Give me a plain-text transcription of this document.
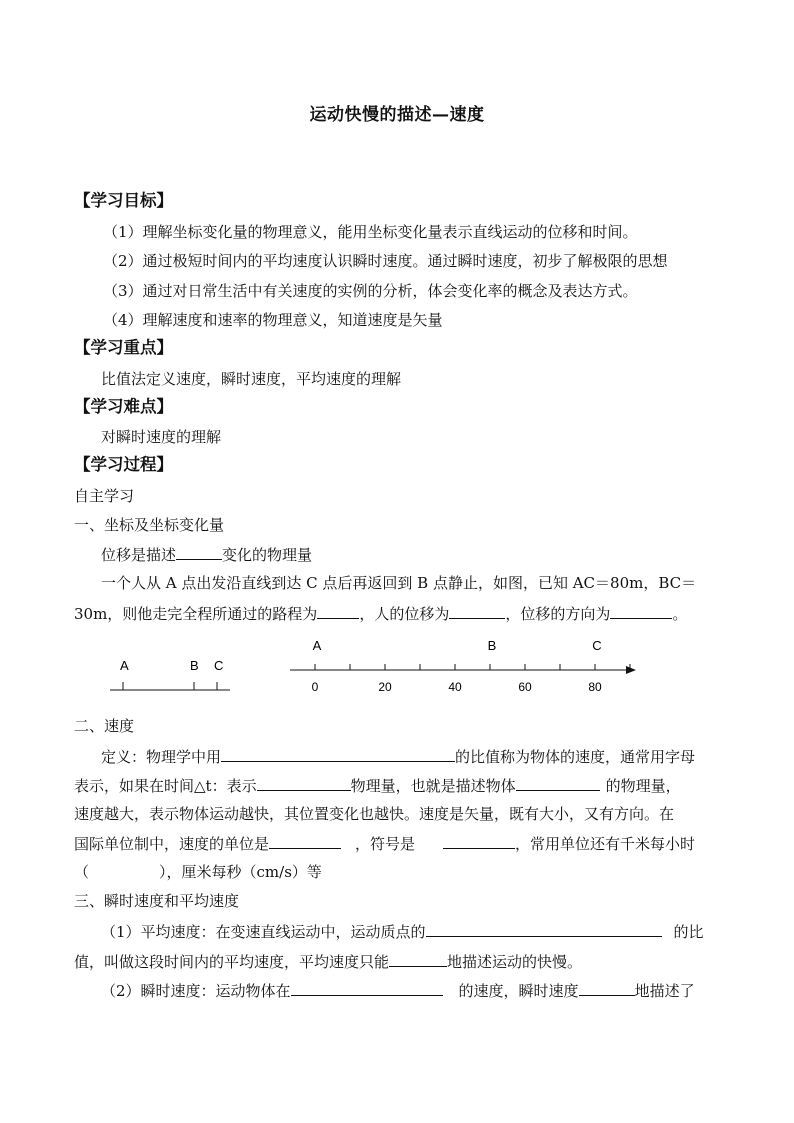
运动快慢的描述—速度
【学习目标】
（1）理解坐标变化量的物理意义，能用坐标变化量表示直线运动的位移和时间。
（2）通过极短时间内的平均速度认识瞬时速度。通过瞬时速度，初步了解极限的思想
（3）通过对日常生活中有关速度的实例的分析，体会变化率的概念及表达方式。
（4）理解速度和速率的物理意义，知道速度是矢量
【学习重点】
比值法定义速度，瞬时速度，平均速度的理解
【学习难点】
对瞬时速度的理解
【学习过程】
自主学习
一、坐标及坐标变化量
位移是描述	变化的物理量
一个人从 A 点出发沿直线到达 C 点后再返回到 B 点静止，如图，已知 AC＝80m，BC＝
30m，则他走完全程所通过的路程为	，人的位移为	，位移的方向为	。
A	B C
0	20	40	60	80
A	B	C
二、速度
定义：物理学中用	的比值称为物体的速度，通常用字母
表示，如果在时间△t：表示	物理量，也就是描述物体	的物理量，
速度越大，表示物体运动越快，其位置变化也越快。速度是矢量，既有大小，又有方向。在
国际单位制中，速度的单位是	，符号是	，常用单位还有千米每小时
（	），厘米每秒（cm/s）等
三、瞬时速度和平均速度
（1）平均速度：在变速直线运动中，运动质点的	的比
值，叫做这段时间内的平均速度，平均速度只能	地描述运动的快慢。
（2）瞬时速度：运动物体在	的速度，瞬时速度	地描述了
